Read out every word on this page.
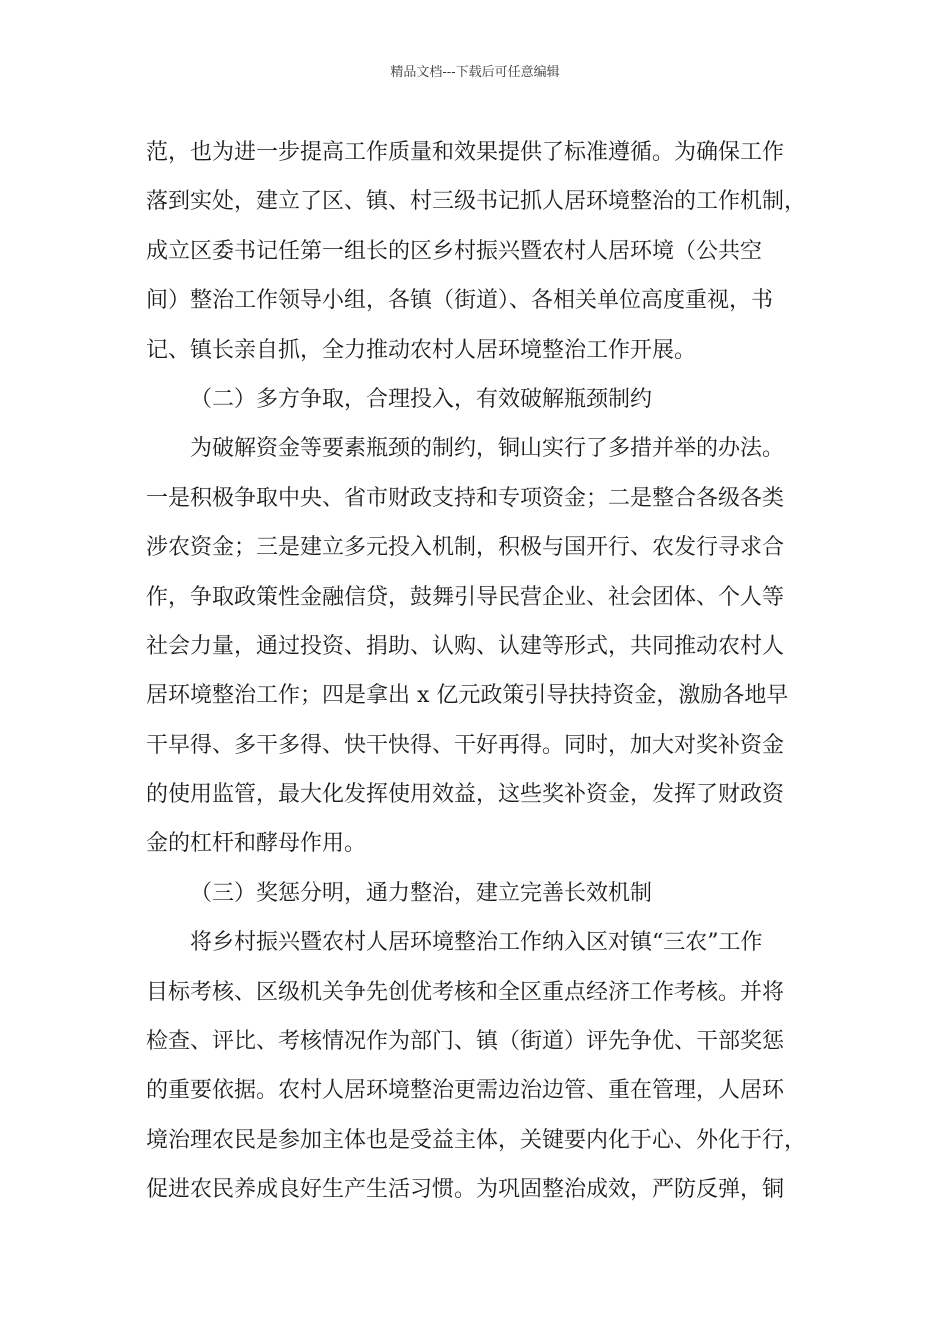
精品文档---下载后可任意编辑
范，也为进一步提高工作质量和效果提供了标准遵循。为确保工作
落到实处，建立了区、镇、村三级书记抓人居环境整治的工作机制，
成立区委书记任第一组长的区乡村振兴暨农村人居环境（公共空
间）整治工作领导小组，各镇（街道）、各相关单位高度重视，书
记、镇长亲自抓，全力推动农村人居环境整治工作开展。
（二）多方争取，合理投入，有效破解瓶颈制约
为破解资金等要素瓶颈的制约，铜山实行了多措并举的办法。
一是积极争取中央、省市财政支持和专项资金；二是整合各级各类
涉农资金；三是建立多元投入机制，积极与国开行、农发行寻求合
作，争取政策性金融信贷，鼓舞引导民营企业、社会团体、个人等
社会力量，通过投资、捐助、认购、认建等形式，共同推动农村人
居环境整治工作；四是拿出 x 亿元政策引导扶持资金，激励各地早
干早得、多干多得、快干快得、干好再得。同时，加大对奖补资金
的使用监管，最大化发挥使用效益，这些奖补资金，发挥了财政资
金的杠杆和酵母作用。
（三）奖惩分明，通力整治，建立完善长效机制
将乡村振兴暨农村人居环境整治工作纳入区对镇“三农”工作
目标考核、区级机关争先创优考核和全区重点经济工作考核。并将
检查、评比、考核情况作为部门、镇（街道）评先争优、干部奖惩
的重要依据。农村人居环境整治更需边治边管、重在管理，人居环
境治理农民是参加主体也是受益主体，关键要内化于心、外化于行，
促进农民养成良好生产生活习惯。为巩固整治成效，严防反弹，铜
